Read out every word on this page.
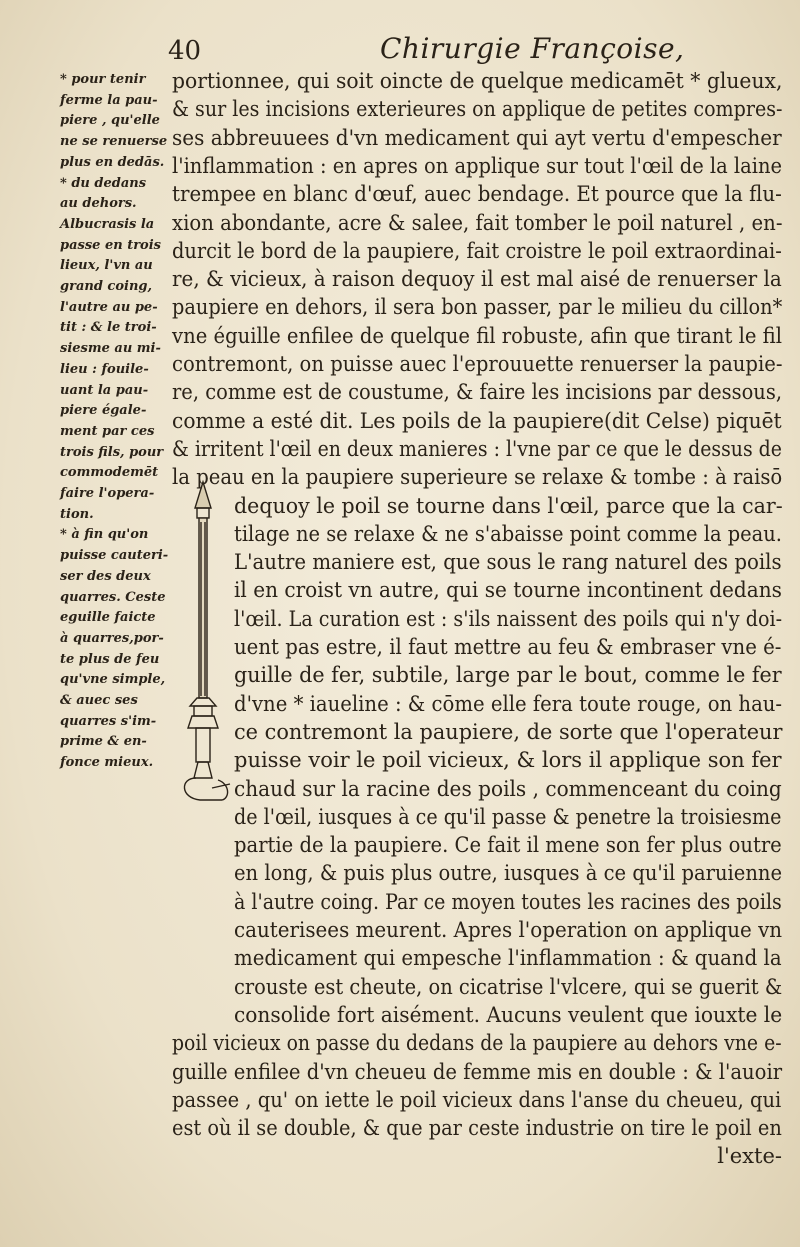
40	Chirurgie Françoise,
* pour tenir
ferme la pau-
piere , qu'elle
ne se renuerse
plus en dedās.
* du dedans
au dehors.
Albucrasis la
passe en trois
lieux, l'vn au
grand coing,
l'autre au pe-
tit : & le troi-
siesme au mi-
lieu : fouile-
uant la pau-
piere égale-
ment par ces
trois fils, pour
commodemēt
faire l'opera-
tion.
* à fin qu'on
puisse cauteri-
ser des deux
quarres. Ceste
eguille faicte
à quarres,por-
te plus de feu
qu'vne simple,
& auec ses
quarres s'im-
prime & en-
fonce mieux.
portionnee, qui soit oincte de quelque medicamēt * glueux,
& sur les incisions exterieures on applique de petites compres-
ses abbreuuees d'vn medicament qui ayt vertu d'empescher
l'inflammation : en apres on applique sur tout l'œil de la laine
trempee en blanc d'œuf, auec bendage. Et pource que la flu-
xion abondante, acre & salee, fait tomber le poil naturel , en-
durcit le bord de la paupiere, fait croistre le poil extraordinai-
re, & vicieux, à raison dequoy il est mal aisé de renuerser la
paupiere en dehors, il sera bon passer, par le milieu du cillon*
vne éguille enfilee de quelque fil robuste, afin que tirant le fil
contremont, on puisse auec l'eprouuette renuerser la paupie-
re, comme est de coustume, & faire les incisions par dessous,
comme a esté dit. Les poils de la paupiere(dit Celse) piquēt
& irritent l'œil en deux manieres : l'vne par ce que le dessus de
la peau en la paupiere superieure se relaxe & tombe : à raisō
dequoy le poil se tourne dans l'œil, parce que la car-
tilage ne se relaxe & ne s'abaisse point comme la peau.
L'autre maniere est, que sous le rang naturel des poils
il en croist vn autre, qui se tourne incontinent dedans
l'œil. La curation est : s'ils naissent des poils qui n'y doi-
uent pas estre, il faut mettre au feu & embraser vne é-
guille de fer, subtile, large par le bout, comme le fer
d'vne * iaueline : & cōme elle fera toute rouge, on hau-
ce contremont la paupiere, de sorte que l'operateur
puisse voir le poil vicieux, & lors il applique son fer
chaud sur la racine des poils , commenceant du coing
de l'œil, iusques à ce qu'il passe & penetre la troisiesme
partie de la paupiere. Ce fait il mene son fer plus outre
en long, & puis plus outre, iusques à ce qu'il paruienne
à l'autre coing. Par ce moyen toutes les racines des poils
cauterisees meurent. Apres l'operation on applique vn
medicament qui empesche l'inflammation : & quand la
crouste est cheute, on cicatrise l'vlcere, qui se guerit &
consolide fort aisément. Aucuns veulent que iouxte le
poil vicieux on passe du dedans de la paupiere au dehors vne e-
guille enfilee d'vn cheueu de femme mis en double : & l'auoir
passee , qu' on iette le poil vicieux dans l'anse du cheueu, qui
est où il se double, & que par ceste industrie on tire le poil en
l'exte-
